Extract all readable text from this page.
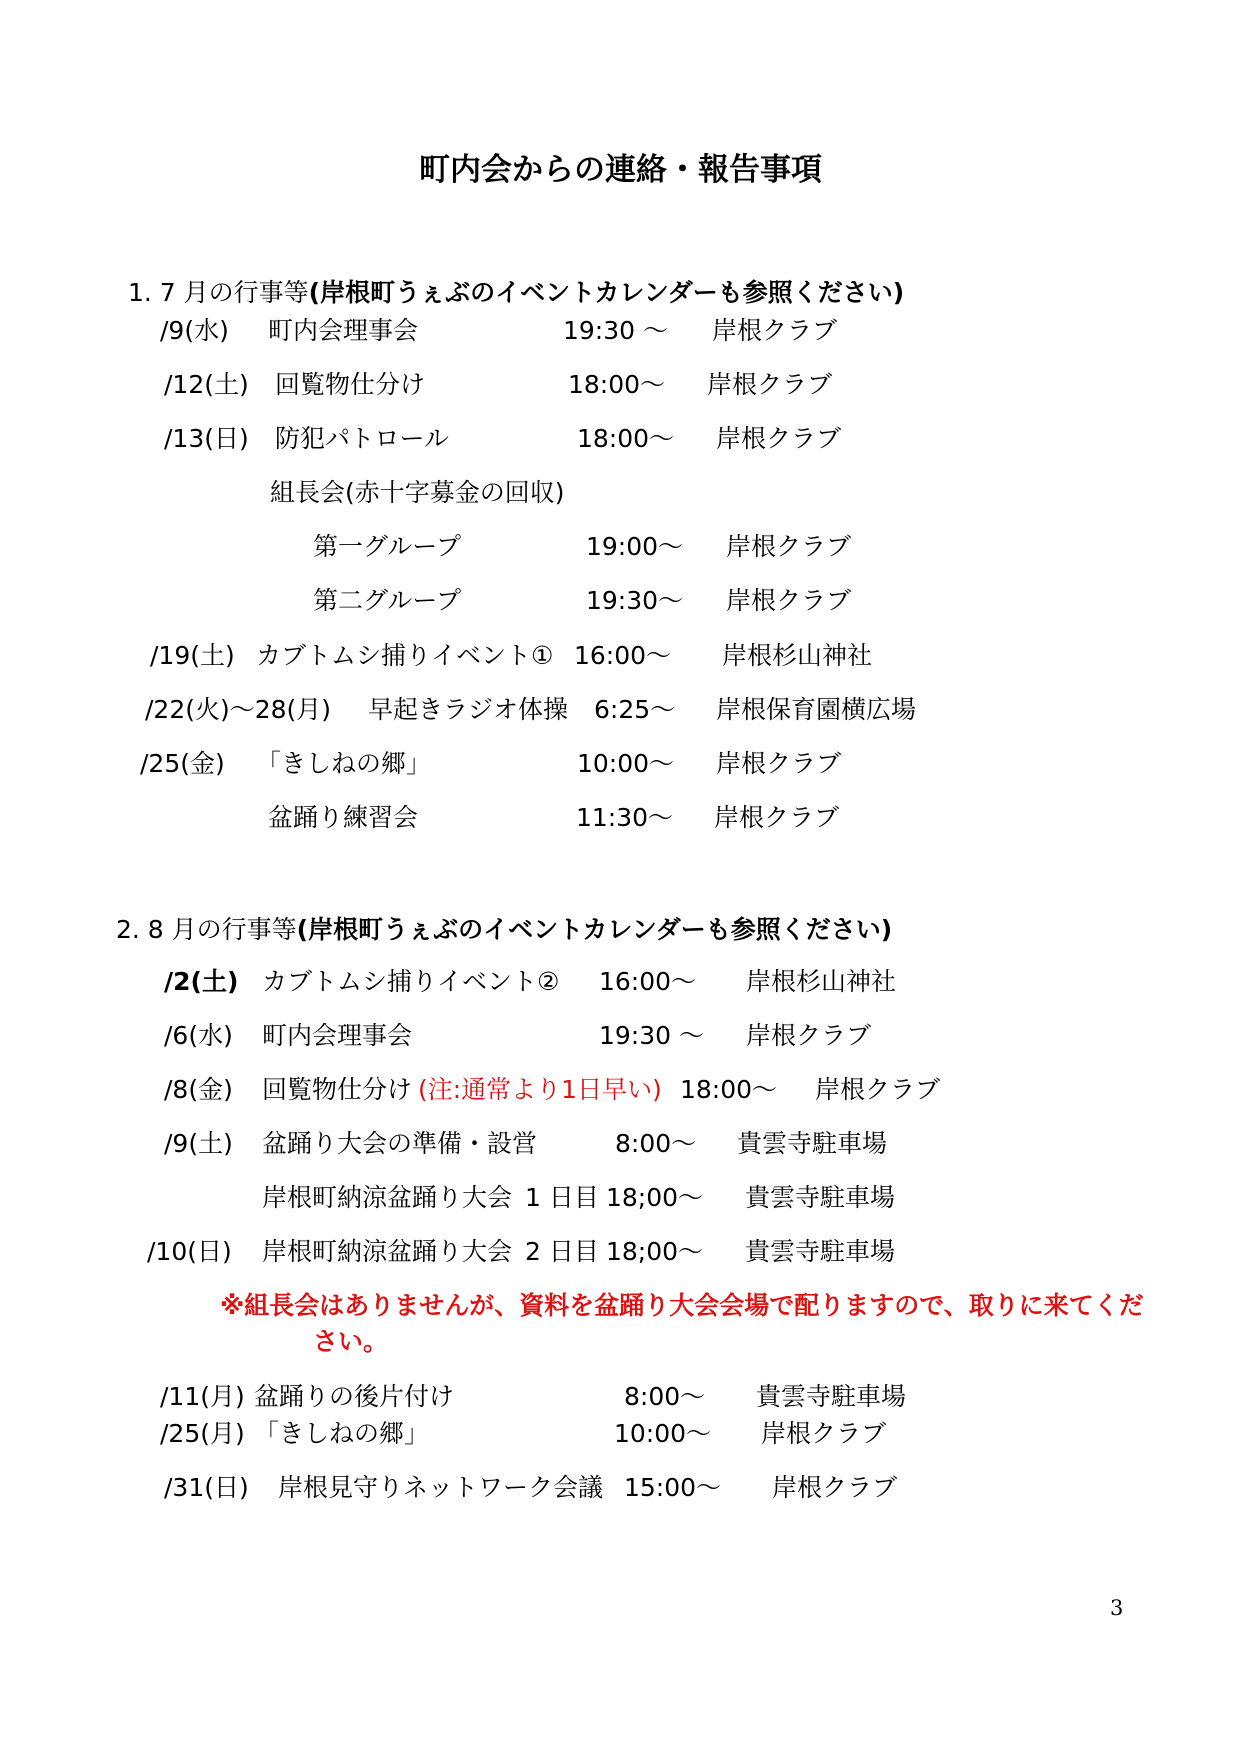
町内会からの連絡・報告事項
1. 7 月の行事等(岸根町うぇぶのイベントカレンダーも参照ください)
/9(水) 町内会理事会	19:30 ～ 岸根クラブ
/12(土) 回覧物仕分け	18:00～ 岸根クラブ
/13(日) 防犯パトロール	18:00～ 岸根クラブ
組長会(赤十字募金の回収)
第一グループ	19:00～ 岸根クラブ
第二グループ	19:30～ 岸根クラブ
/19(土) カブトムシ捕りイベント① 16:00～ 岸根杉山神社
/22(火)～28(月) 早起きラジオ体操 6:25～ 岸根保育園横広場
/25(金) 「きしねの郷」	10:00～ 岸根クラブ
盆踊り練習会	11:30～ 岸根クラブ
2. 8 月の行事等(岸根町うぇぶのイベントカレンダーも参照ください)
/2(土) カブトムシ捕りイベント② 16:00～ 岸根杉山神社
/6(水) 町内会理事会	19:30 ～ 岸根クラブ
/8(金) 回覧物仕分け (注:通常より1日早い) 18:00～ 岸根クラブ
/9(土) 盆踊り大会の準備・設営	8:00～ 貴雲寺駐車場
岸根町納涼盆踊り大会 1 日目 18;00～ 貴雲寺駐車場
/10(日) 岸根町納涼盆踊り大会 2 日目 18;00～ 貴雲寺駐車場
※組長会はありませんが、資料を盆踊り大会会場で配りますので、取りに来てくだ
さい。
/11(月) 盆踊りの後片付け	8:00～ 貴雲寺駐車場
/25(月) 「きしねの郷」	10:00～ 岸根クラブ
/31(日) 岸根見守りネットワーク会議 15:00～ 岸根クラブ
3
